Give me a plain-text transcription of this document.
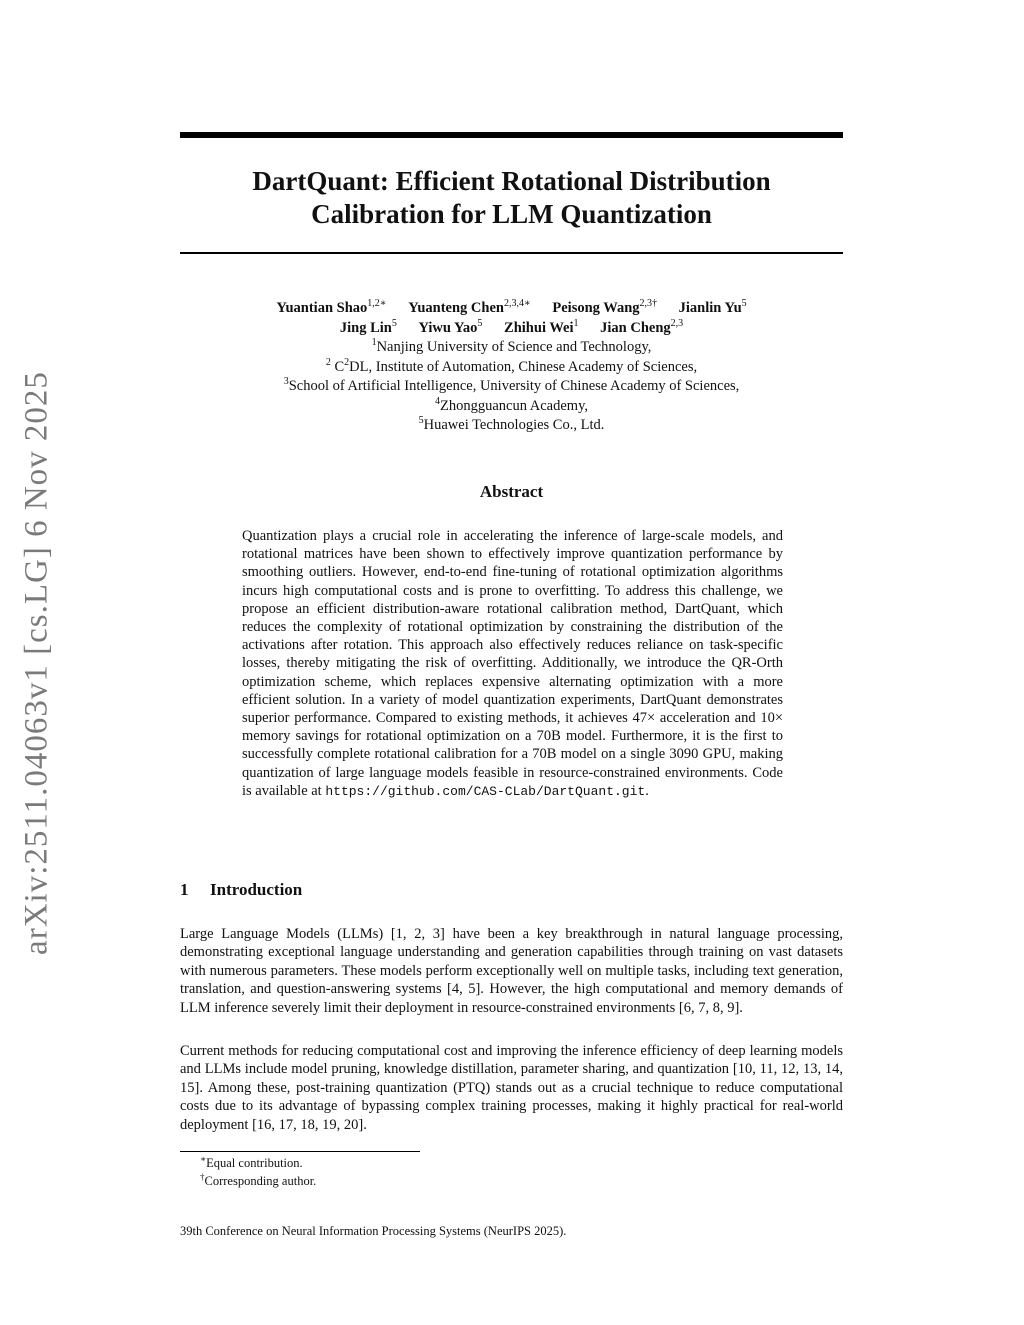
arXiv:2511.04063v1 [cs.LG] 6 Nov 2025
DartQuant: Efficient Rotational Distribution
Calibration for LLM Quantization
Yuantian Shao$^{1,2∗}$ Yuanteng Chen$^{2,3,4∗}$ Peisong Wang$^{2,3\dagger}$ Jianlin Yu$^5$
Jing Lin$^5$ Yiwu Yao$^5$ Zhihui Wei$^1$ Jian Cheng$^{2,3}$
$^1$Nanjing University of Science and Technology,
$^2$ $C^2DL$, Institute of Automation, Chinese Academy of Sciences,
$^3$School of Artificial Intelligence, University of Chinese Academy of Sciences,
$^4$Zhongguancun Academy,
$^5$Huawei Technologies Co., Ltd.
Abstract
Quantization plays a crucial role in accelerating the inference of large-scale models, and rotational matrices have been shown to effectively improve quantization performance by smoothing outliers. However, end-to-end fine-tuning of rotational optimization algorithms incurs high computational costs and is prone to overfitting. To address this challenge, we propose an efficient distribution-aware rotational calibration method, DartQuant, which reduces the complexity of rotational optimization by constraining the distribution of the activations after rotation. This approach also effectively reduces reliance on task-specific losses, thereby mitigating the risk of overfitting. Additionally, we introduce the QR-Orth optimization scheme, which replaces expensive alternating optimization with a more efficient solution. In a variety of model quantization experiments, DartQuant demonstrates superior performance. Compared to existing methods, it achieves 47× acceleration and 10× memory savings for rotational optimization on a 70B model. Furthermore, it is the first to successfully complete rotational calibration for a 70B model on a single 3090 GPU, making quantization of large language models feasible in resource-constrained environments. Code is available at https://github.com/CAS-CLab/DartQuant.git.
1 Introduction

Large Language Models (LLMs) [1, 2, 3] have been a key breakthrough in natural language processing, demonstrating exceptional language understanding and generation capabilities through training on vast datasets with numerous parameters. These models perform exceptionally well on multiple tasks, including text generation, translation, and question-answering systems [4, 5]. However, the high computational and memory demands of LLM inference severely limit their deployment in resource-constrained environments [6, 7, 8, 9].

Current methods for reducing computational cost and improving the inference efficiency of deep learning models and LLMs include model pruning, knowledge distillation, parameter sharing, and quantization [10, 11, 12, 13, 14, 15]. Among these, post-training quantization (PTQ) stands out as a crucial technique to reduce computational costs due to its advantage of bypassing complex training processes, making it highly practical for real-world deployment [16, 17, 18, 19, 20].

∗Equal contribution.
†Corresponding author.
39th Conference on Neural Information Processing Systems (NeurIPS 2025).
